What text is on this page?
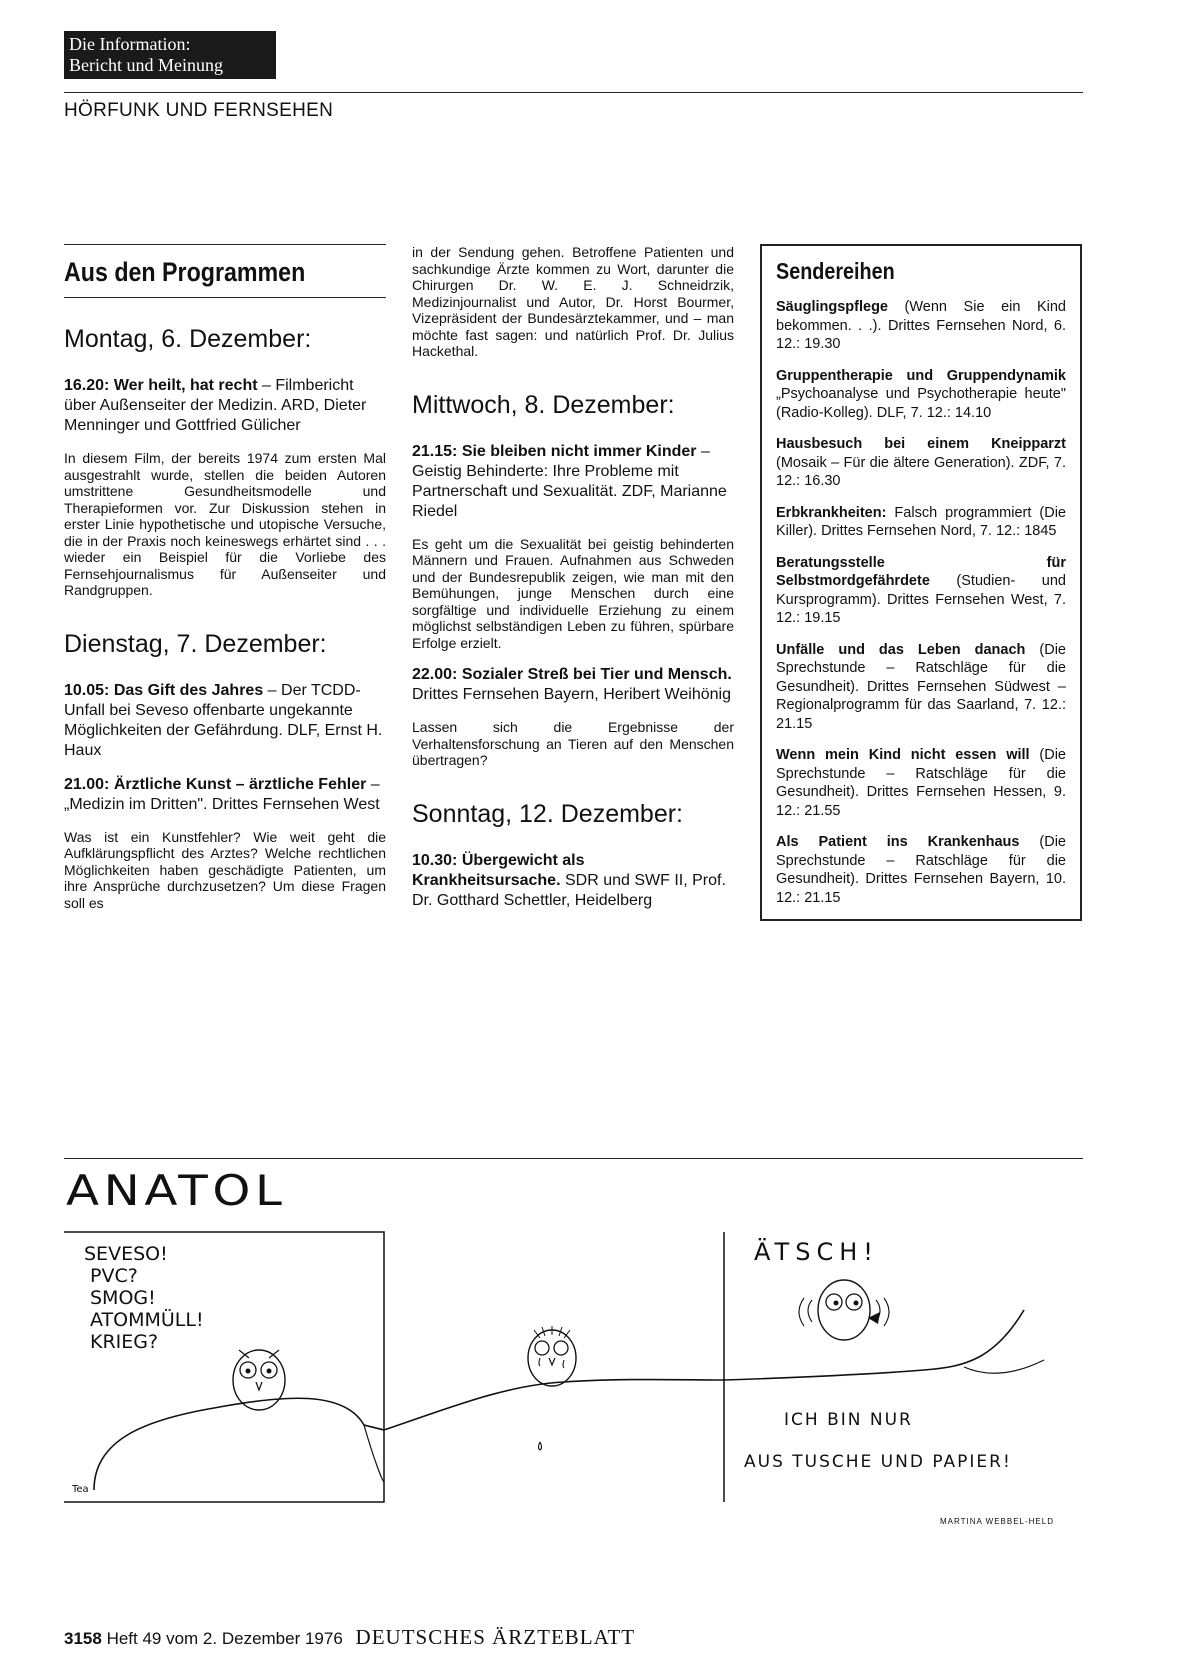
Die Information:
Bericht und Meinung
HÖRFUNK UND FERNSEHEN
Aus den Programmen
Montag, 6. Dezember:
16.20: Wer heilt, hat recht – Filmbericht über Außenseiter der Medizin. ARD, Dieter Menninger und Gottfried Gülicher
In diesem Film, der bereits 1974 zum ersten Mal ausgestrahlt wurde, stellen die beiden Autoren umstrittene Gesundheitsmodelle und Therapieformen vor. Zur Diskussion stehen in erster Linie hypothetische und utopische Versuche, die in der Praxis noch keineswegs erhärtet sind . . . wieder ein Beispiel für die Vorliebe des Fernsehjournalismus für Außenseiter und Randgruppen.
Dienstag, 7. Dezember:
10.05: Das Gift des Jahres – Der TCDD-Unfall bei Seveso offenbarte ungekannte Möglichkeiten der Gefährdung. DLF, Ernst H. Haux
21.00: Ärztliche Kunst – ärztliche Fehler – „Medizin im Dritten". Drittes Fernsehen West
Was ist ein Kunstfehler? Wie weit geht die Aufklärungspflicht des Arztes? Welche rechtlichen Möglichkeiten haben geschädigte Patienten, um ihre Ansprüche durchzusetzen? Um diese Fragen soll es
in der Sendung gehen. Betroffene Patienten und sachkundige Ärzte kommen zu Wort, darunter die Chirurgen Dr. W. E. J. Schneidrzik, Medizinjournalist und Autor, Dr. Horst Bourmer, Vizepräsident der Bundesärztekammer, und – man möchte fast sagen: und natürlich Prof. Dr. Julius Hackethal.
Mittwoch, 8. Dezember:
21.15: Sie bleiben nicht immer Kinder – Geistig Behinderte: Ihre Probleme mit Partnerschaft und Sexualität. ZDF, Marianne Riedel
Es geht um die Sexualität bei geistig behinderten Männern und Frauen. Aufnahmen aus Schweden und der Bundesrepublik zeigen, wie man mit den Bemühungen, junge Menschen durch eine sorgfältige und individuelle Erziehung zu einem möglichst selbständigen Leben zu führen, spürbare Erfolge erzielt.
22.00: Sozialer Streß bei Tier und Mensch. Drittes Fernsehen Bayern, Heribert Weihönig
Lassen sich die Ergebnisse der Verhaltensforschung an Tieren auf den Menschen übertragen?
Sonntag, 12. Dezember:
10.30: Übergewicht als Krankheitsursache. SDR und SWF II, Prof. Dr. Gotthard Schettler, Heidelberg
Sendereihen
Säuglingspflege (Wenn Sie ein Kind bekommen. . .). Drittes Fernsehen Nord, 6. 12.: 19.30
Gruppentherapie und Gruppendynamik „Psychoanalyse und Psychotherapie heute" (Radio-Kolleg). DLF, 7. 12.: 14.10
Hausbesuch bei einem Kneipparzt (Mosaik – Für die ältere Generation). ZDF, 7. 12.: 16.30
Erbkrankheiten: Falsch programmiert (Die Killer). Drittes Fernsehen Nord, 7. 12.: 1845
Beratungsstelle für Selbstmordgefährdete (Studien- und Kursprogramm). Drittes Fernsehen West, 7. 12.: 19.15
Unfälle und das Leben danach (Die Sprechstunde – Ratschläge für die Gesundheit). Drittes Fernsehen Südwest – Regionalprogramm für das Saarland, 7. 12.: 21.15
Wenn mein Kind nicht essen will (Die Sprechstunde – Ratschläge für die Gesundheit). Drittes Fernsehen Hessen, 9. 12.: 21.55
Als Patient ins Krankenhaus (Die Sprechstunde – Ratschläge für die Gesundheit). Drittes Fernsehen Bayern, 10. 12.: 21.15
ANATOL
SEVESO!
PVC?
SMOG!
ATOMMÜLL!
KRIEG?
ÄTSCH!
ICH BIN NUR
AUS TUSCHE UND PAPIER!
Tea
MARTINA WEBBEL-HELD
3158 Heft 49 vom 2. Dezember 1976 DEUTSCHES ÄRZTEBLATT
